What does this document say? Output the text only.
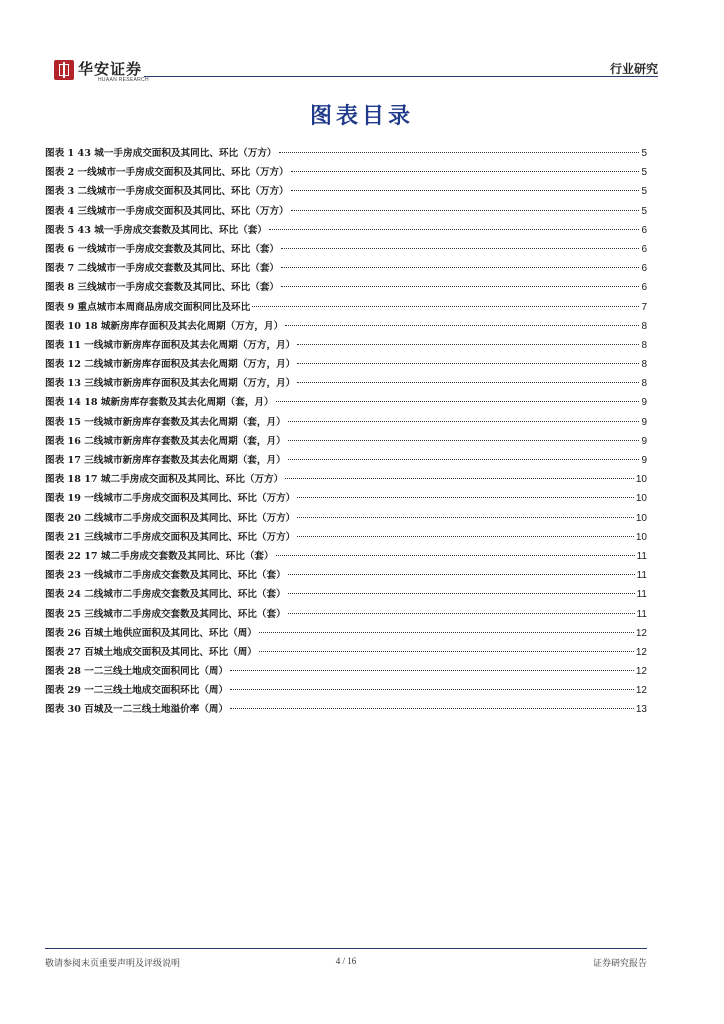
华安证券
HUAAN RESEARCH
行业研究
图表目录
图表 1 43 城一手房成交面积及其同比、环比（万方）	5
图表 2 一线城市一手房成交面积及其同比、环比（万方）	5
图表 3 二线城市一手房成交面积及其同比、环比（万方）	5
图表 4 三线城市一手房成交面积及其同比、环比（万方）	5
图表 5 43 城一手房成交套数及其同比、环比（套）	6
图表 6 一线城市一手房成交套数及其同比、环比（套）	6
图表 7 二线城市一手房成交套数及其同比、环比（套）	6
图表 8 三线城市一手房成交套数及其同比、环比（套）	6
图表 9 重点城市本周商品房成交面积同比及环比	7
图表 10 18 城新房库存面积及其去化周期（万方，月）	8
图表 11 一线城市新房库存面积及其去化周期（万方，月）	8
图表 12 二线城市新房库存面积及其去化周期（万方，月）	8
图表 13 三线城市新房库存面积及其去化周期（万方，月）	8
图表 14 18 城新房库存套数及其去化周期（套，月）	9
图表 15 一线城市新房库存套数及其去化周期（套，月）	9
图表 16 二线城市新房库存套数及其去化周期（套，月）	9
图表 17 三线城市新房库存套数及其去化周期（套，月）	9
图表 18 17 城二手房成交面积及其同比、环比（万方）	10
图表 19 一线城市二手房成交面积及其同比、环比（万方）	10
图表 20 二线城市二手房成交面积及其同比、环比（万方）	10
图表 21 三线城市二手房成交面积及其同比、环比（万方）	10
图表 22 17 城二手房成交套数及其同比、环比（套）	11
图表 23 一线城市二手房成交套数及其同比、环比（套）	11
图表 24 二线城市二手房成交套数及其同比、环比（套）	11
图表 25 三线城市二手房成交套数及其同比、环比（套）	11
图表 26 百城土地供应面积及其同比、环比（周）	12
图表 27 百城土地成交面积及其同比、环比（周）	12
图表 28 一二三线土地成交面积同比（周）	12
图表 29 一二三线土地成交面积环比（周）	12
图表 30 百城及一二三线土地溢价率（周）	13
敬请参阅末页重要声明及评级说明	4 / 16	证券研究报告
